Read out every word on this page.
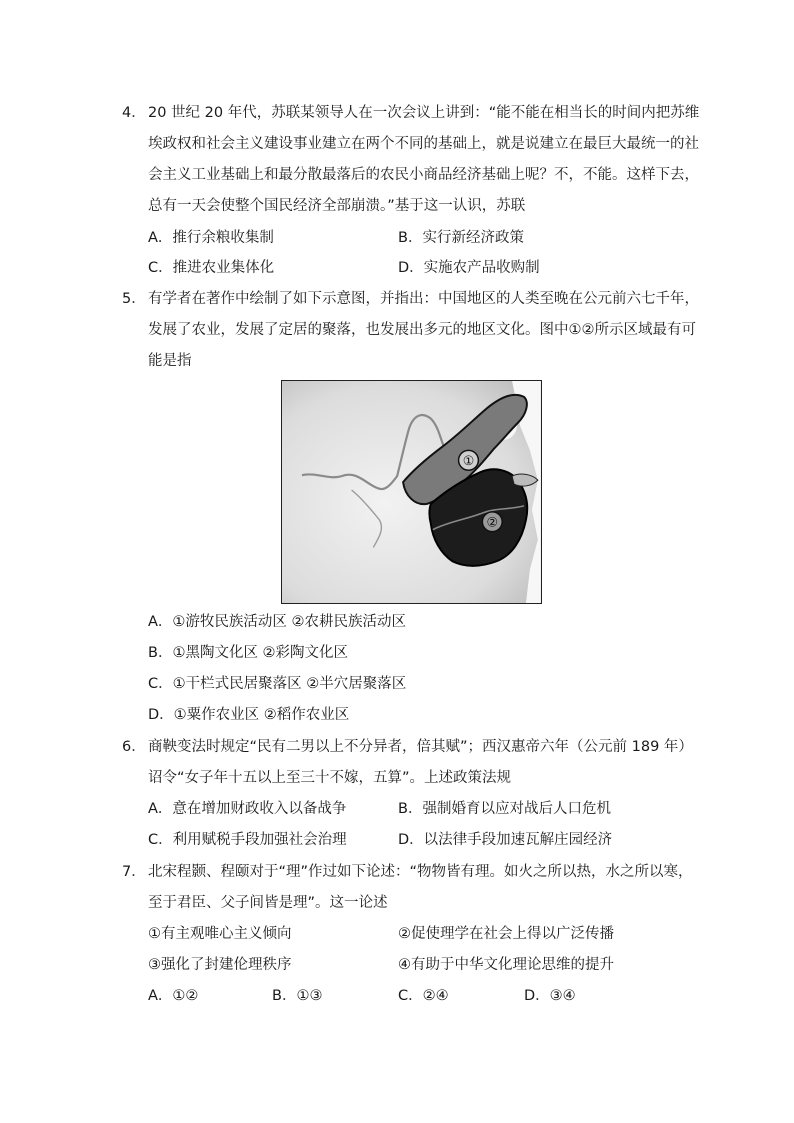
4． 20 世纪 20 年代，苏联某领导人在一次会议上讲到：“能不能在相当长的时间内把苏维
埃政权和社会主义建设事业建立在两个不同的基础上，就是说建立在最巨大最统一的社
会主义工业基础上和最分散最落后的农民小商品经济基础上呢？不，不能。这样下去，
总有一天会使整个国民经济全部崩溃。”基于这一认识，苏联
A．推行余粮收集制	B．实行新经济政策
C．推进农业集体化	D．实施农产品收购制
5． 有学者在著作中绘制了如下示意图，并指出：中国地区的人类至晚在公元前六七千年，
发展了农业，发展了定居的聚落，也发展出多元的地区文化。图中①②所示区域最有可
能是指
①
②
A．①游牧民族活动区 ②农耕民族活动区
B．①黑陶文化区 ②彩陶文化区
C．①干栏式民居聚落区 ②半穴居聚落区
D．①粟作农业区 ②稻作农业区
6． 商鞅变法时规定“民有二男以上不分异者，倍其赋”；西汉惠帝六年（公元前 189 年）
诏令“女子年十五以上至三十不嫁，五算”。上述政策法规
A．意在增加财政收入以备战争	B．强制婚育以应对战后人口危机
C．利用赋税手段加强社会治理	D．以法律手段加速瓦解庄园经济
7． 北宋程颢、程颐对于“理”作过如下论述：“物物皆有理。如火之所以热，水之所以寒，
至于君臣、父子间皆是理”。这一论述
①有主观唯心主义倾向	②促使理学在社会上得以广泛传播
③强化了封建伦理秩序	④有助于中华文化理论思维的提升
A．①②	B．①③	C．②④	D．③④
